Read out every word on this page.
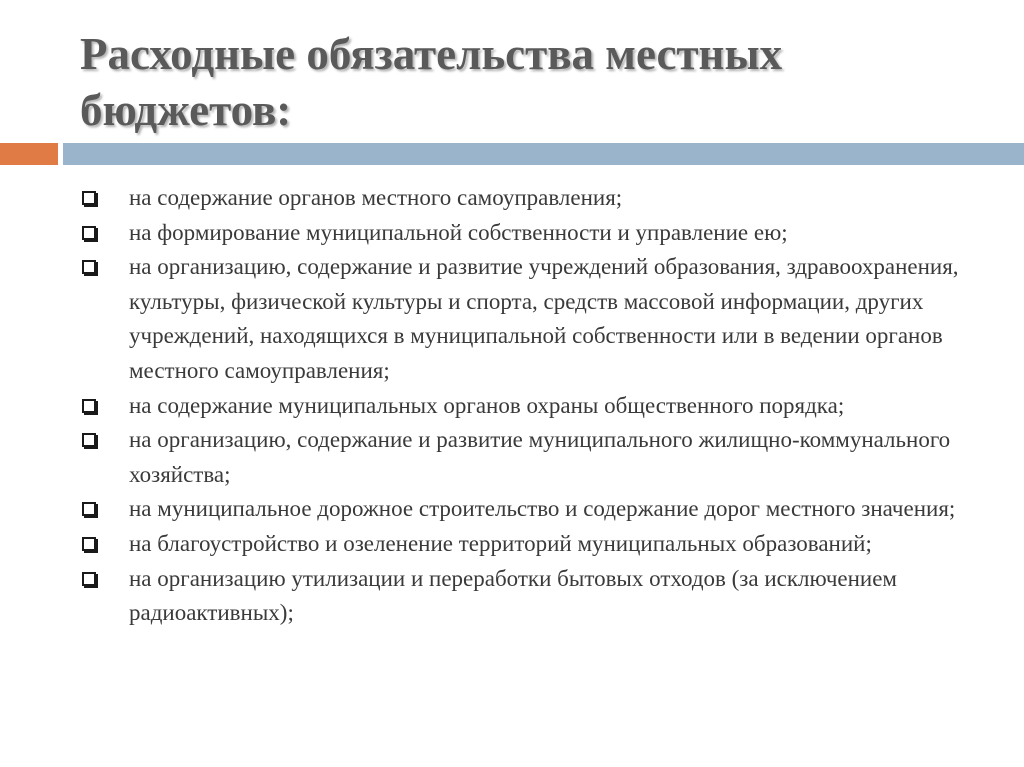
Расходные обязательства местных бюджетов:
на содержание органов местного самоуправления;
на формирование муниципальной собственности и управление ею;
на организацию, содержание и развитие учреждений образования, здравоохранения, культуры, физической культуры и спорта, средств массовой информации, других учреждений, находящихся в муниципальной собственности или в ведении органов местного самоуправления;
на содержание муниципальных органов охраны общественного порядка;
на организацию, содержание и развитие муниципального жилищно-коммунального хозяйства;
на муниципальное дорожное строительство и содержание дорог местного значения;
на благоустройство и озеленение территорий муниципальных образований;
на организацию утилизации и переработки бытовых отходов (за исключением радиоактивных);
